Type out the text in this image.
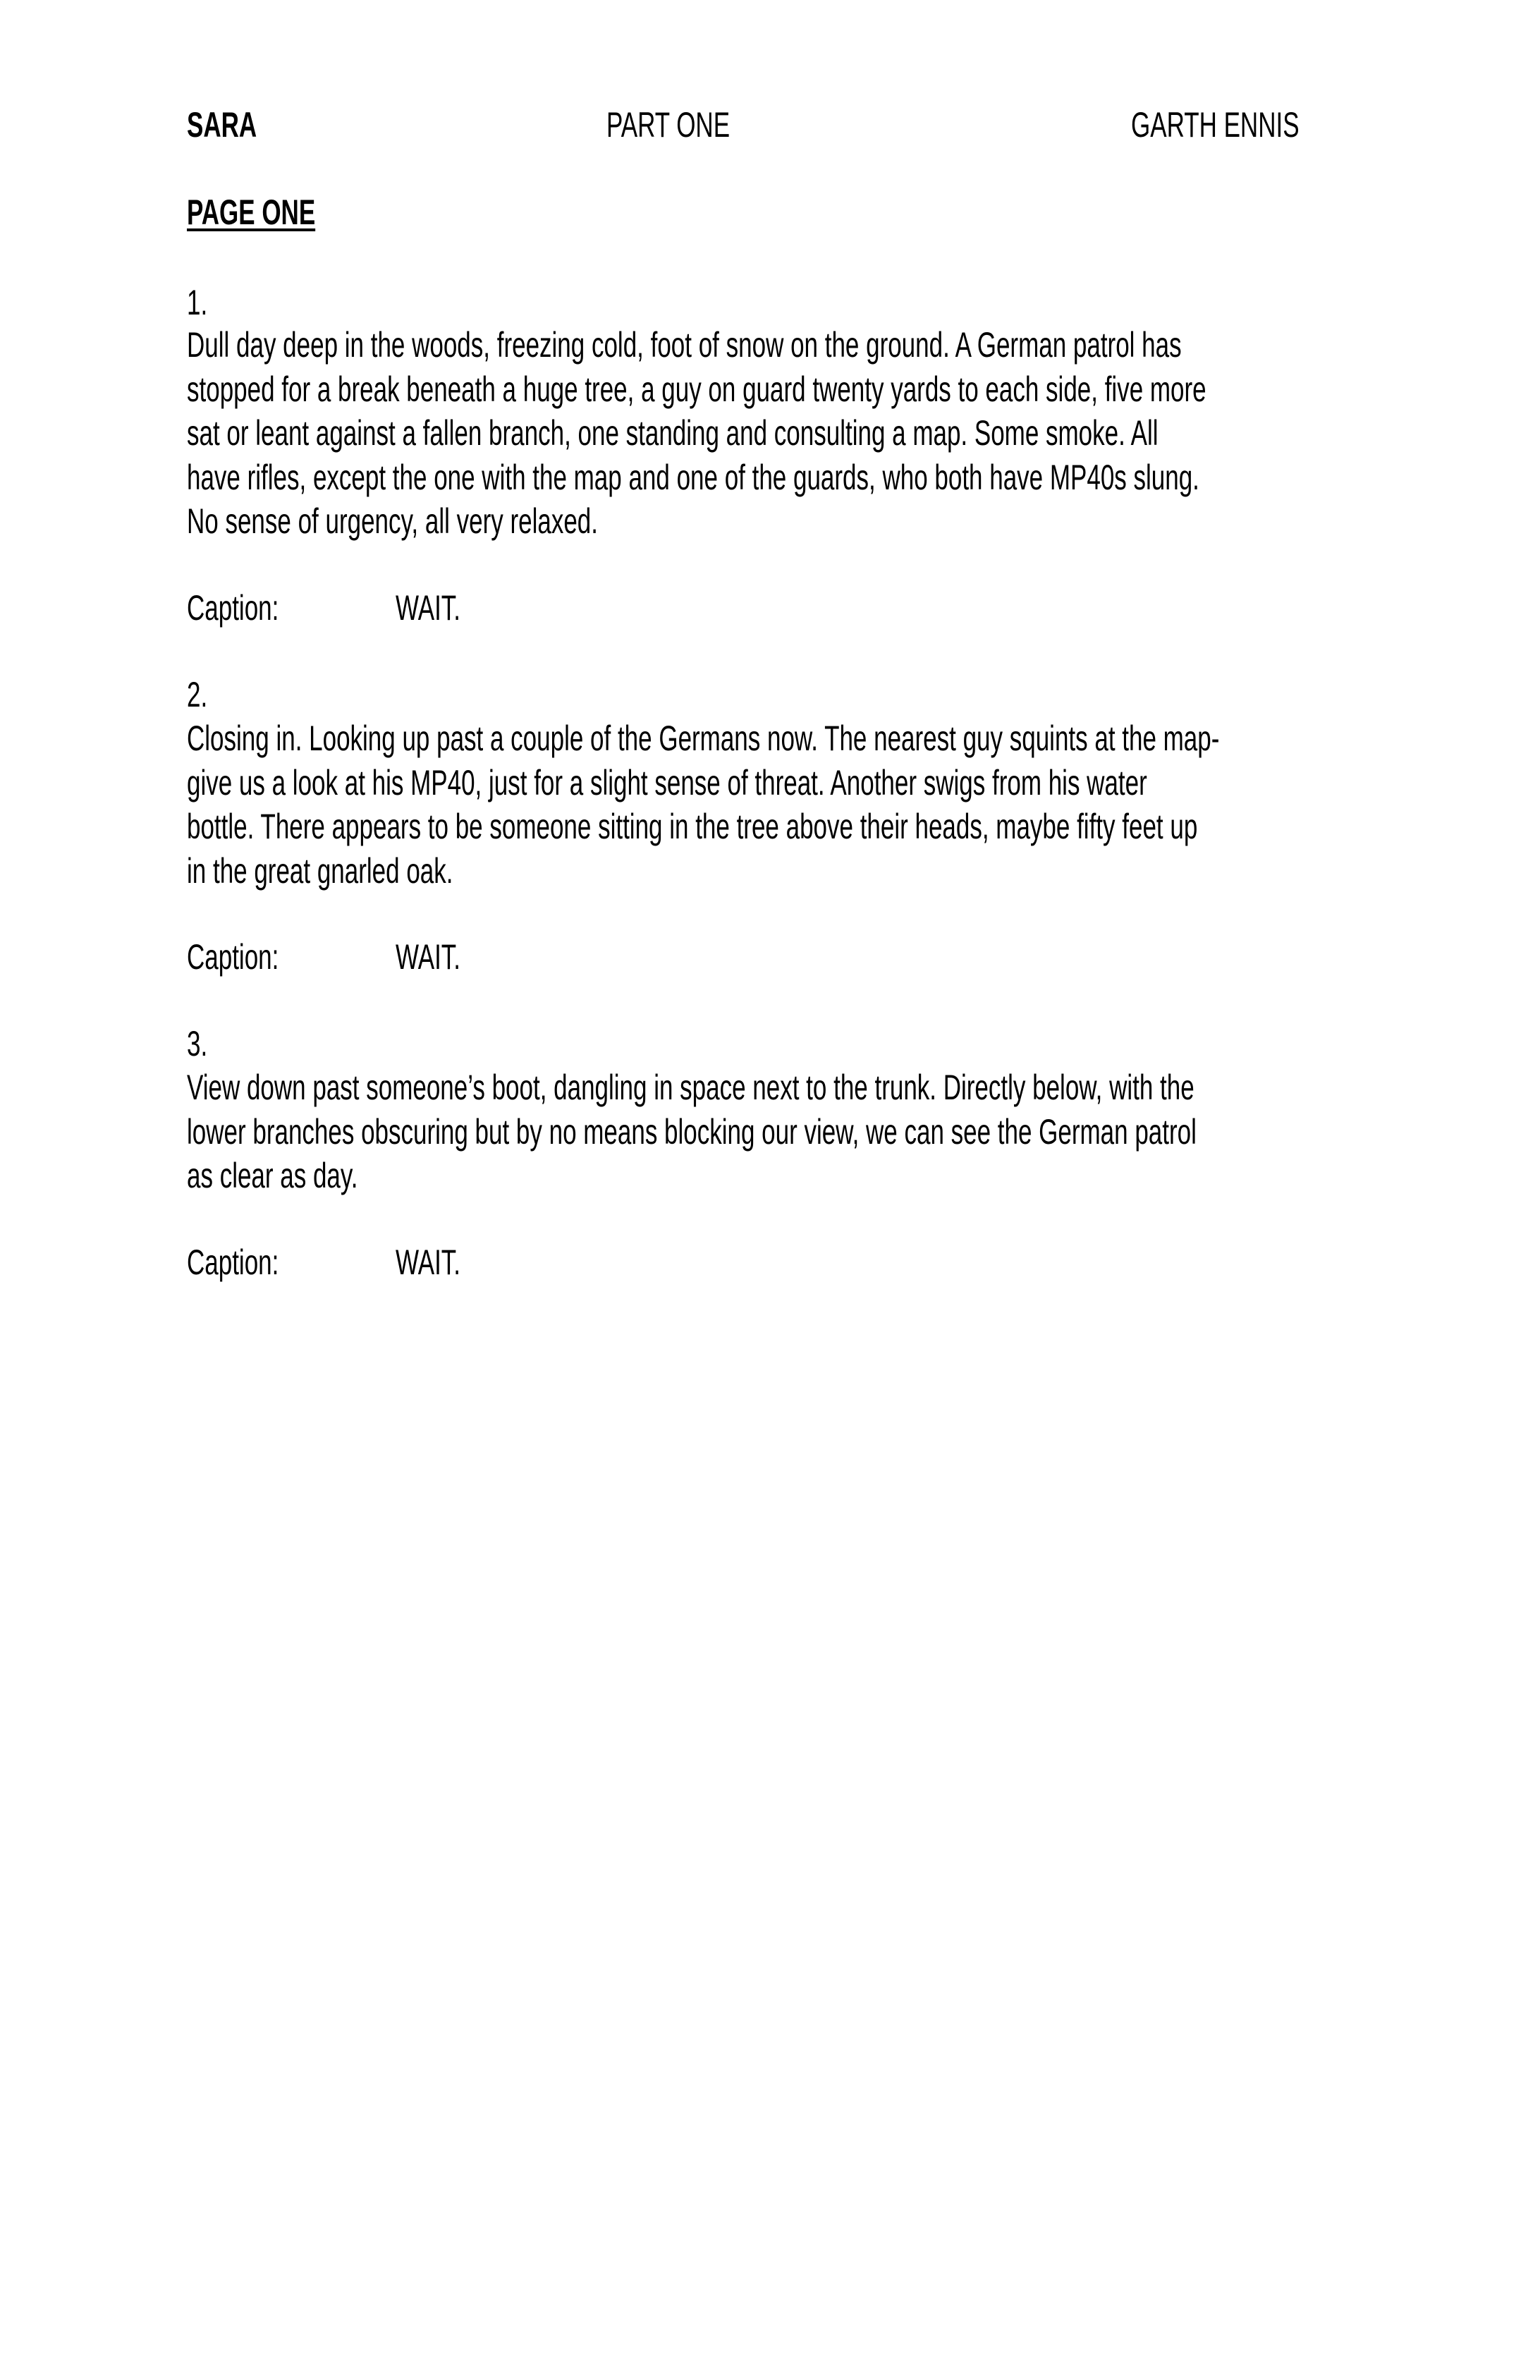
SARA	PART ONE	GARTH ENNIS
PAGE ONE
1.
Dull day deep in the woods, freezing cold, foot of snow on the ground. A German patrol has
stopped for a break beneath a huge tree, a guy on guard twenty yards to each side, five more
sat or leant against a fallen branch, one standing and consulting a map. Some smoke. All
have rifles, except the one with the map and one of the guards, who both have MP40s slung.
No sense of urgency, all very relaxed.
Caption:	WAIT.
2.
Closing in. Looking up past a couple of the Germans now. The nearest guy squints at the map-
give us a look at his MP40, just for a slight sense of threat. Another swigs from his water
bottle. There appears to be someone sitting in the tree above their heads, maybe fifty feet up
in the great gnarled oak.
Caption:	WAIT.
3.
View down past someone’s boot, dangling in space next to the trunk. Directly below, with the
lower branches obscuring but by no means blocking our view, we can see the German patrol
as clear as day.
Caption:	WAIT.
